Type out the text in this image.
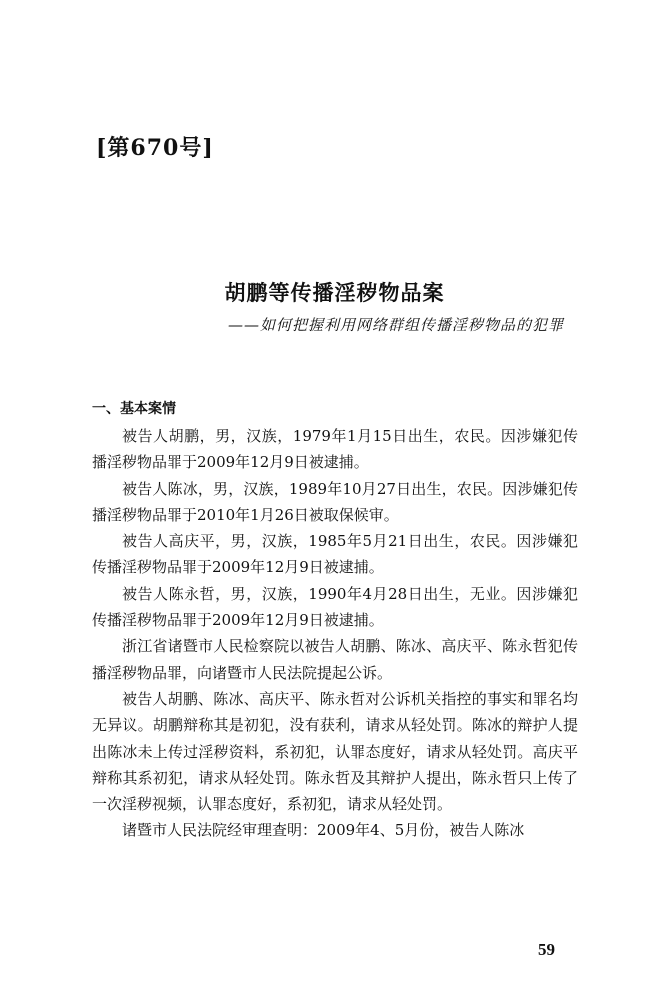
[第670号]
胡鹏等传播淫秽物品案
——如何把握利用网络群组传播淫秽物品的犯罪
一、基本案情

被告人胡鹏，男，汉族，1979年1月15日出生，农民。因涉嫌犯传播淫秽物品罪于2009年12月9日被逮捕。

被告人陈冰，男，汉族，1989年10月27日出生，农民。因涉嫌犯传播淫秽物品罪于2010年1月26日被取保候审。

被告人高庆平，男，汉族，1985年5月21日出生，农民。因涉嫌犯传播淫秽物品罪于2009年12月9日被逮捕。

被告人陈永哲，男，汉族，1990年4月28日出生，无业。因涉嫌犯传播淫秽物品罪于2009年12月9日被逮捕。

浙江省诸暨市人民检察院以被告人胡鹏、陈冰、高庆平、陈永哲犯传播淫秽物品罪，向诸暨市人民法院提起公诉。

被告人胡鹏、陈冰、高庆平、陈永哲对公诉机关指控的事实和罪名均无异议。胡鹏辩称其是初犯，没有获利，请求从轻处罚。陈冰的辩护人提出陈冰未上传过淫秽资料，系初犯，认罪态度好，请求从轻处罚。高庆平辩称其系初犯，请求从轻处罚。陈永哲及其辩护人提出，陈永哲只上传了一次淫秽视频，认罪态度好，系初犯，请求从轻处罚。

诸暨市人民法院经审理查明：2009年4、5月份，被告人陈冰

59
